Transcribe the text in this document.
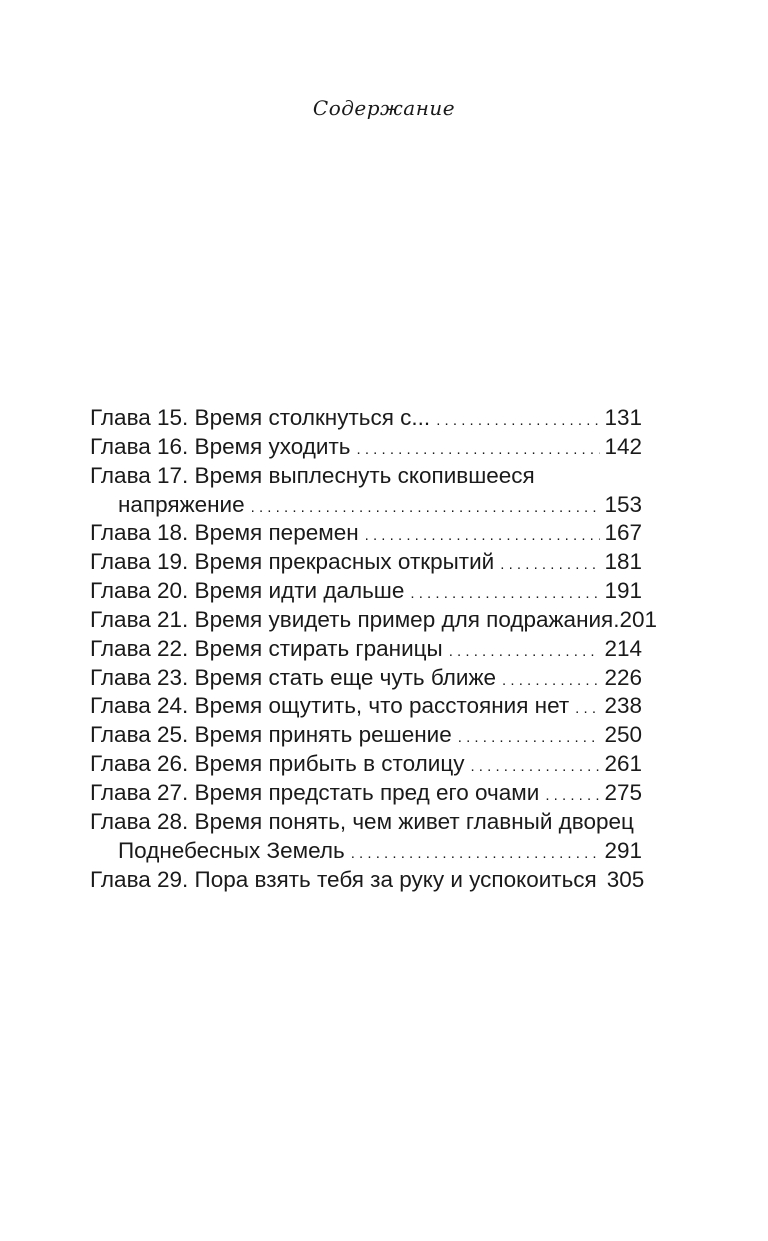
Содержание
Глава 15. Время столкнуться с... . . .	131
Глава 16. Время уходить . . .	142
Глава 17. Время выплеснуть скопившееся
напряжение . . .	153
Глава 18. Время перемен . . .	167
Глава 19. Время прекрасных открытий . . .	181
Глава 20. Время идти дальше . . .	191
Глава 21. Время увидеть пример для подражания. 201
Глава 22. Время стирать границы . . .	214
Глава 23. Время стать еще чуть ближе . . .	226
Глава 24. Время ощутить, что расстояния нет . . . 238
Глава 25. Время принять решение . . .	250
Глава 26. Время прибыть в столицу . . .	261
Глава 27. Время предстать пред его очами . . .	275
Глава 28. Время понять, чем живет главный дворец
Поднебесных Земель . . .	291
Глава 29. Пора взять тебя за руку и успокоиться 305
